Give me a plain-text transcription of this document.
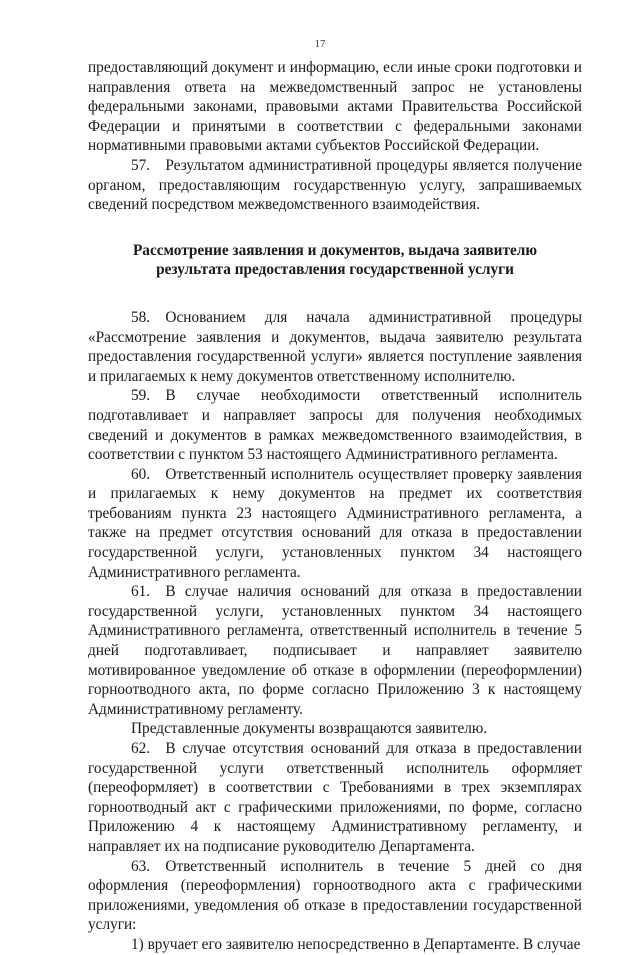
17

предоставляющий документ и информацию, если иные сроки подготовки и направления ответа на межведомственный запрос не установлены федеральными законами, правовыми актами Правительства Российской Федерации и принятыми в соответствии с федеральными законами нормативными правовыми актами субъектов Российской Федерации.

57. Результатом административной процедуры является получение органом, предоставляющим государственную услугу, запрашиваемых сведений посредством межведомственного взаимодействия.

Рассмотрение заявления и документов, выдача заявителю
результата предоставления государственной услуги

58. Основанием для начала административной процедуры «Рассмотрение заявления и документов, выдача заявителю результата предоставления государственной услуги» является поступление заявления и прилагаемых к нему документов ответственному исполнителю.

59. В случае необходимости ответственный исполнитель подготавливает и направляет запросы для получения необходимых сведений и документов в рамках межведомственного взаимодействия, в соответствии с пунктом 53 настоящего Административного регламента.

60. Ответственный исполнитель осуществляет проверку заявления и прилагаемых к нему документов на предмет их соответствия требованиям пункта 23 настоящего Административного регламента, а также на предмет отсутствия оснований для отказа в предоставлении государственной услуги, установленных пунктом 34 настоящего Административного регламента.

61. В случае наличия оснований для отказа в предоставлении государственной услуги, установленных пунктом 34 настоящего Административного регламента, ответственный исполнитель в течение 5 дней подготавливает, подписывает и направляет заявителю мотивированное уведомление об отказе в оформлении (переоформлении) горноотводного акта, по форме согласно Приложению 3 к настоящему Административному регламенту.

Представленные документы возвращаются заявителю.

62. В случае отсутствия оснований для отказа в предоставлении государственной услуги ответственный исполнитель оформляет (переоформляет) в соответствии с Требованиями в трех экземплярах горноотводный акт с графическими приложениями, по форме, согласно Приложению 4 к настоящему Административному регламенту, и направляет их на подписание руководителю Департамента.

63. Ответственный исполнитель в течение 5 дней со дня оформления (переоформления) горноотводного акта с графическими приложениями, уведомления об отказе в предоставлении государственной услуги:

1) вручает его заявителю непосредственно в Департаменте. В случае
